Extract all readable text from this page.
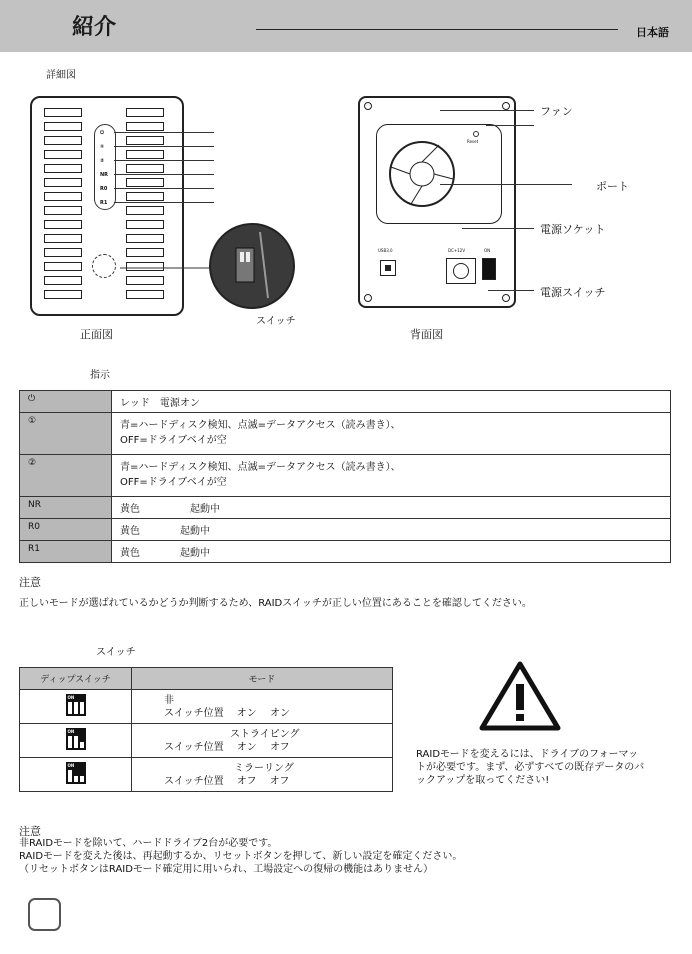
紹介	日本語
詳細図
⏻
①
②
NR
R0
R1
スイッチ
正面図
Reset
USB3.0	DC+12V	ON
ファン
ポート
電源ソケット
電源スイッチ
背面図
指示
⏻	レッド　電源オン
①	青=ハードディスク検知、点滅=データアクセス（読み書き）、
OFF=ドライブベイが空
②	青=ハードディスク検知、点滅=データアクセス（読み書き）、
OFF=ドライブベイが空
NR	黄色　　　　　起動中
R0	黄色　　　　起動中
R1	黄色　　　　起動中
注意
正しいモードが選ばれているかどうか判断するため、RAIDスイッチが正しい位置にあることを確認してください。
スイッチ
ディップスイッチ	モード

ON	非
スイッチ位置　 オン　 オン

ON	ストライピング
スイッチ位置　 オン　 オフ

ON	ミラーリング
スイッチ位置　 オフ　 オフ
RAIDモードを変えるには、ドライブのフォーマットが必要です。まず、必ずすべての既存データのバックアップを取ってください!
注意
非RAIDモードを除いて、ハードドライブ2台が必要です。
RAIDモードを変えた後は、再起動するか、リセットボタンを押して、新しい設定を確定ください。
（リセットボタンはRAIDモード確定用に用いられ、工場設定への復帰の機能はありません）
